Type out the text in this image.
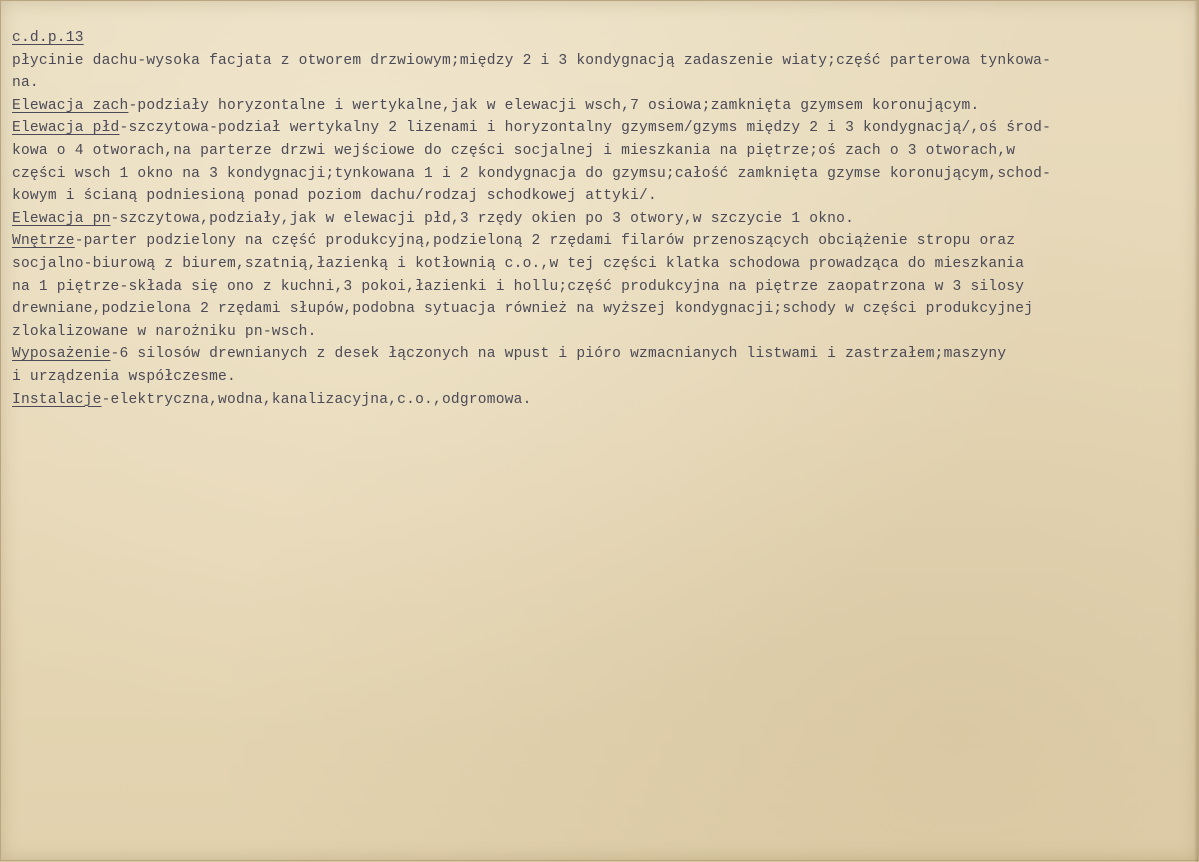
c.d.p.13
płycinie dachu-wysoka facjata z otworem drzwiowym;między 2 i 3 kondygnacją zadaszenie wiaty;część parterowa tynkowa-
na.
Elewacja zach-podziały horyzontalne i wertykalne,jak w elewacji wsch,7 osiowa;zamknięta gzymsem koronującym.
Elewacja płd-szczytowa-podział wertykalny 2 lizenami i horyzontalny gzymsem/gzyms między 2 i 3 kondygnacją/,oś środ-
kowa o 4 otworach,na parterze drzwi wejściowe do części socjalnej i mieszkania na piętrze;oś zach o 3 otworach,w
części wsch 1 okno na 3 kondygnacji;tynkowana 1 i 2 kondygnacja do gzymsu;całość zamknięta gzymse koronującym,schod-
kowym i ścianą podniesioną ponad poziom dachu/rodzaj schodkowej attyki/.
Elewacja pn-szczytowa,podziały,jak w elewacji płd,3 rzędy okien po 3 otwory,w szczycie 1 okno.
Wnętrze-parter podzielony na część produkcyjną,podzieloną 2 rzędami filarów przenoszących obciążenie stropu oraz
socjalno-biurową z biurem,szatnią,łazienką i kotłownią c.o.,w tej części klatka schodowa prowadząca do mieszkania
na 1 piętrze-składa się ono z kuchni,3 pokoi,łazienki i hollu;część produkcyjna na piętrze zaopatrzona w 3 silosy
drewniane,podzielona 2 rzędami słupów,podobna sytuacja również na wyższej kondygnacji;schody w części produkcyjnej
zlokalizowane w narożniku pn-wsch.
Wyposażenie-6 silosów drewnianych z desek łączonych na wpust i pióro wzmacnianych listwami i zastrzałem;maszyny
i urządzenia współczesme.
Instalacje-elektryczna,wodna,kanalizacyjna,c.o.,odgromowa.
